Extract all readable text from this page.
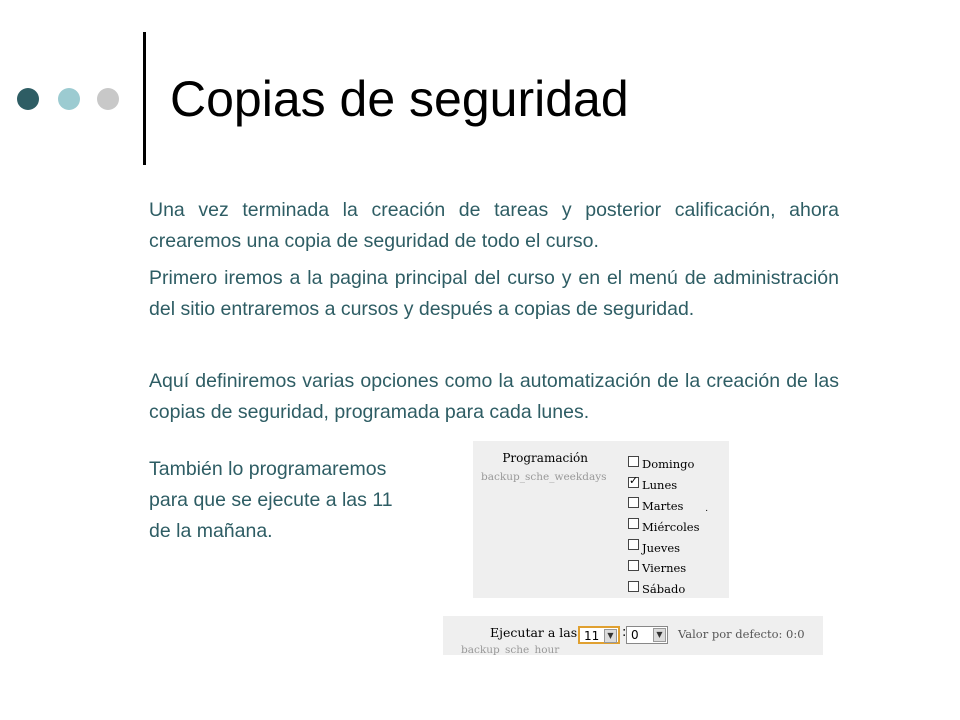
Copias de seguridad

Una vez terminada la creación de tareas y posterior calificación, ahora crearemos una copia de seguridad de todo el curso.

Primero iremos a la pagina principal del curso y en el menú de administración del sitio entraremos a cursos y después a copias de seguridad.

Aquí definiremos varias opciones como la automatización de la creación de las copias de seguridad, programada para cada lunes.

También lo programaremos para que se ejecute a las 11 de la mañana.

Programación
backup_sche_weekdays
Domingo
✓
Lunes
Martes
Miércoles
Jueves
Viernes
Sábado
·
Ejecutar a las
backup_sche_hour
11	▼ : 0	▼ Valor por defecto: 0:0
